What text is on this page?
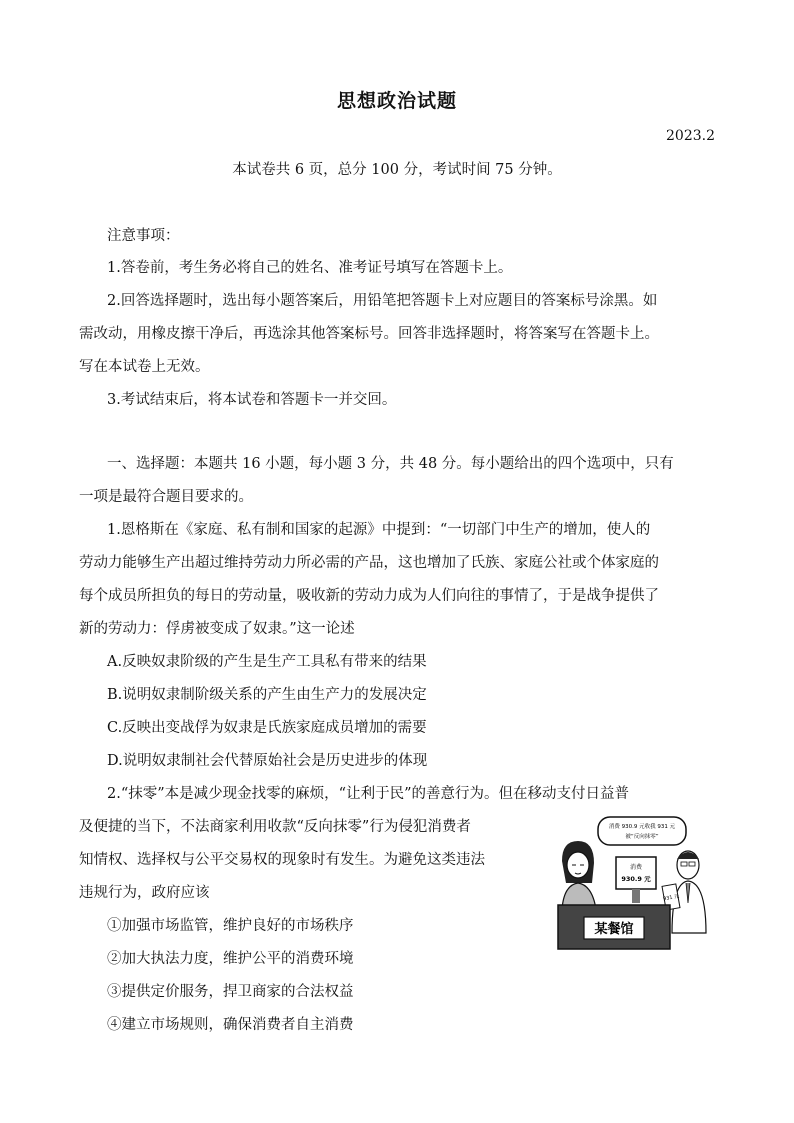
思想政治试题
2023.2
本试卷共 6 页，总分 100 分，考试时间 75 分钟。
注意事项：
1.答卷前，考生务必将自己的姓名、准考证号填写在答题卡上。
2.回答选择题时，选出每小题答案后，用铅笔把答题卡上对应题目的答案标号涂黑。如
需改动，用橡皮擦干净后，再选涂其他答案标号。回答非选择题时，将答案写在答题卡上。
写在本试卷上无效。
3.考试结束后，将本试卷和答题卡一并交回。
一、选择题：本题共 16 小题，每小题 3 分，共 48 分。每小题给出的四个选项中，只有
一项是最符合题目要求的。
1.恩格斯在《家庭、私有制和国家的起源》中提到：“一切部门中生产的增加，使人的
劳动力能够生产出超过维持劳动力所必需的产品，这也增加了氏族、家庭公社或个体家庭的
每个成员所担负的每日的劳动量，吸收新的劳动力成为人们向往的事情了，于是战争提供了
新的劳动力：俘虏被变成了奴隶。”这一论述
A.反映奴隶阶级的产生是生产工具私有带来的结果
B.说明奴隶制阶级关系的产生由生产力的发展决定
C.反映出变战俘为奴隶是氏族家庭成员增加的需要
D.说明奴隶制社会代替原始社会是历史进步的体现
2.“抹零”本是减少现金找零的麻烦，“让利于民”的善意行为。但在移动支付日益普
及便捷的当下，不法商家利用收款“反向抹零”行为侵犯消费者
知情权、选择权与公平交易权的现象时有发生。为避免这类违法
违规行为，政府应该
①加强市场监管，维护良好的市场秩序
②加大执法力度，维护公平的消费环境
③提供定价服务，捍卫商家的合法权益
④建立市场规则，确保消费者自主消费
消费 930.9 元收我 931 元
被“反向抹零”
消费
930.9 元
931 元
某餐馆
